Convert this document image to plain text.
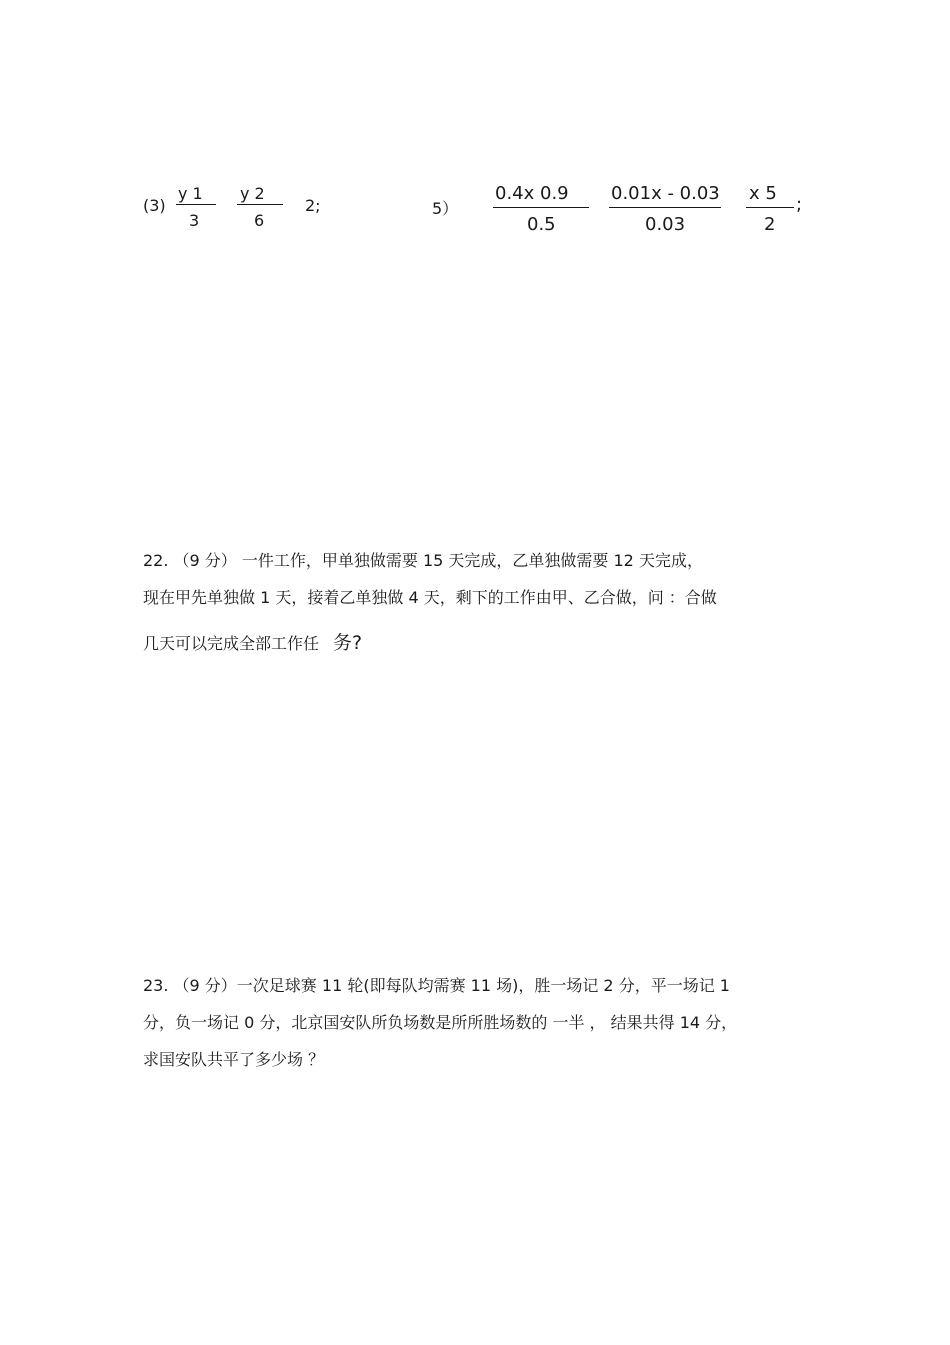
(3)
y 1
3
y 2
6
2;	5）
0.4x 0.9
0.5
0.01x - 0.03
0.03
x 5
2
;
22. （9 分） 一件工作，甲单独做需要 15 天完成，乙单独做需要 12 天完成，
现在甲先单独做 1 天，接着乙单独做 4 天，剩下的工作由甲、乙合做，问 ：合做
几天可以完成全部工作任 务?
23. （9 分）一次足球赛 11 轮(即每队均需赛 11 场)，胜一场记 2 分，平一场记 1
分，负一场记 0 分，北京国安队所负场数是所所胜场数的 一半 ， 结果共得 14 分，
求国安队共平了多少场 ？
